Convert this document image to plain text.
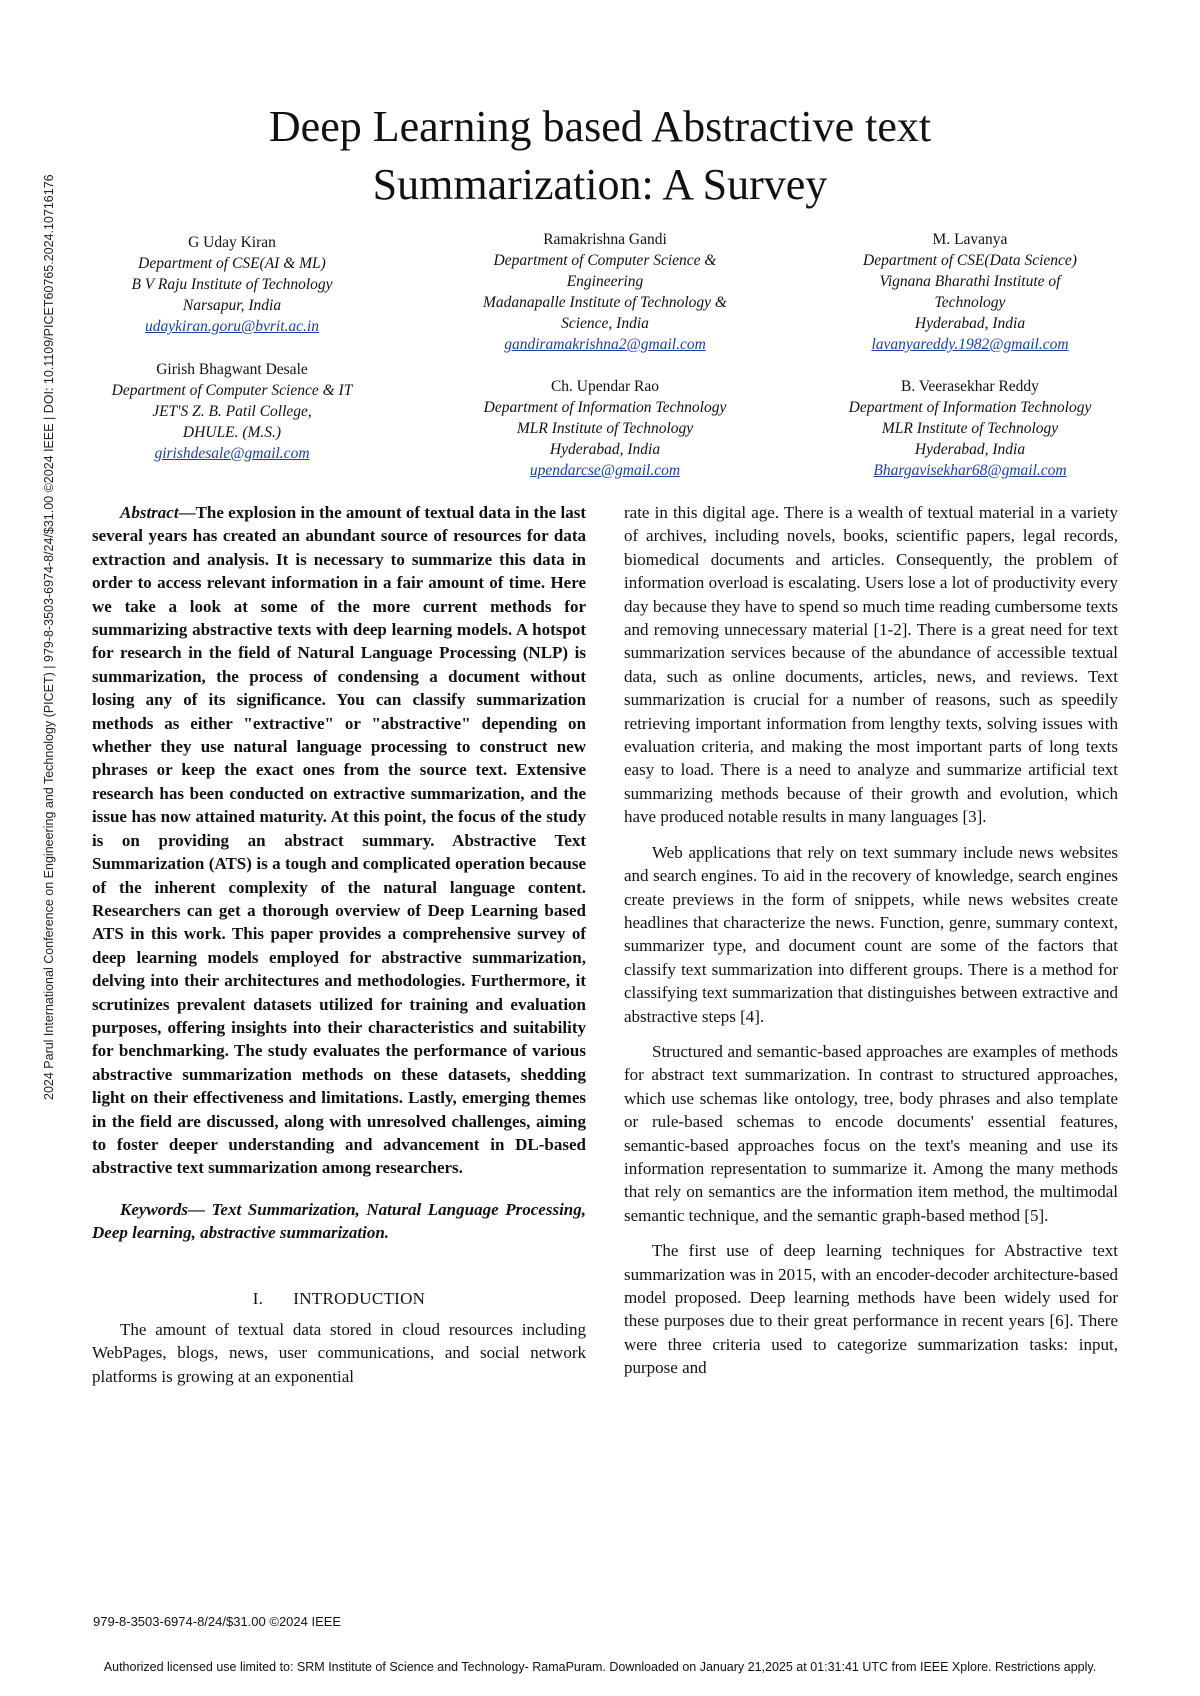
2024 Parul International Conference on Engineering and Technology (PICET) | 979-8-3503-6974-8/24/$31.00 ©2024 IEEE | DOI: 10.1109/PICET60765.2024.10716176
Deep Learning based Abstractive text
Summarization: A Survey
G Uday Kiran
Department of CSE(AI & ML)
B V Raju Institute of Technology
Narsapur, India
udaykiran.goru@bvrit.ac.in
Ramakrishna Gandi
Department of Computer Science &
Engineering
Madanapalle Institute of Technology &
Science, India
gandiramakrishna2@gmail.com
M. Lavanya
Department of CSE(Data Science)
Vignana Bharathi Institute of
Technology
Hyderabad, India
lavanyareddy.1982@gmail.com
Girish Bhagwant Desale
Department of Computer Science & IT
JET'S Z. B. Patil College,
DHULE. (M.S.)
girishdesale@gmail.com
Ch. Upendar Rao
Department of Information Technology
MLR Institute of Technology
Hyderabad, India
upendarcse@gmail.com
B. Veerasekhar Reddy
Department of Information Technology
MLR Institute of Technology
Hyderabad, India
Bhargavisekhar68@gmail.com

Abstract—The explosion in the amount of textual data in the last several years has created an abundant source of resources for data extraction and analysis. It is necessary to summarize this data in order to access relevant information in a fair amount of time. Here we take a look at some of the more current methods for summarizing abstractive texts with deep learning models. A hotspot for research in the field of Natural Language Processing (NLP) is summarization, the process of condensing a document without losing any of its significance. You can classify summarization methods as either "extractive" or "abstractive" depending on whether they use natural language processing to construct new phrases or keep the exact ones from the source text. Extensive research has been conducted on extractive summarization, and the issue has now attained maturity. At this point, the focus of the study is on providing an abstract summary. Abstractive Text Summarization (ATS) is a tough and complicated operation because of the inherent complexity of the natural language content. Researchers can get a thorough overview of Deep Learning based ATS in this work. This paper provides a comprehensive survey of deep learning models employed for abstractive summarization, delving into their architectures and methodologies. Furthermore, it scrutinizes prevalent datasets utilized for training and evaluation purposes, offering insights into their characteristics and suitability for benchmarking. The study evaluates the performance of various abstractive summarization methods on these datasets, shedding light on their effectiveness and limitations. Lastly, emerging themes in the field are discussed, along with unresolved challenges, aiming to foster deeper understanding and advancement in DL-based abstractive text summarization among researchers.

Keywords— Text Summarization, Natural Language Processing, Deep learning, abstractive summarization.

I. INTRODUCTION

The amount of textual data stored in cloud resources including WebPages, blogs, news, user communications, and social network platforms is growing at an exponential

rate in this digital age. There is a wealth of textual material in a variety of archives, including novels, books, scientific papers, legal records, biomedical documents and articles. Consequently, the problem of information overload is escalating. Users lose a lot of productivity every day because they have to spend so much time reading cumbersome texts and removing unnecessary material [1-2]. There is a great need for text summarization services because of the abundance of accessible textual data, such as online documents, articles, news, and reviews. Text summarization is crucial for a number of reasons, such as speedily retrieving important information from lengthy texts, solving issues with evaluation criteria, and making the most important parts of long texts easy to load. There is a need to analyze and summarize artificial text summarizing methods because of their growth and evolution, which have produced notable results in many languages [3].

Web applications that rely on text summary include news websites and search engines. To aid in the recovery of knowledge, search engines create previews in the form of snippets, while news websites create headlines that characterize the news. Function, genre, summary context, summarizer type, and document count are some of the factors that classify text summarization into different groups. There is a method for classifying text summarization that distinguishes between extractive and abstractive steps [4].

Structured and semantic-based approaches are examples of methods for abstract text summarization. In contrast to structured approaches, which use schemas like ontology, tree, body phrases and also template or rule-based schemas to encode documents' essential features, semantic-based approaches focus on the text's meaning and use its information representation to summarize it. Among the many methods that rely on semantics are the information item method, the multimodal semantic technique, and the semantic graph-based method [5].

The first use of deep learning techniques for Abstractive text summarization was in 2015, with an encoder-decoder architecture-based model proposed. Deep learning methods have been widely used for these purposes due to their great performance in recent years [6]. There were three criteria used to categorize summarization tasks: input, purpose and

979-8-3503-6974-8/24/$31.00 ©2024 IEEE
Authorized licensed use limited to: SRM Institute of Science and Technology- RamaPuram. Downloaded on January 21,2025 at 01:31:41 UTC from IEEE Xplore. Restrictions apply.
